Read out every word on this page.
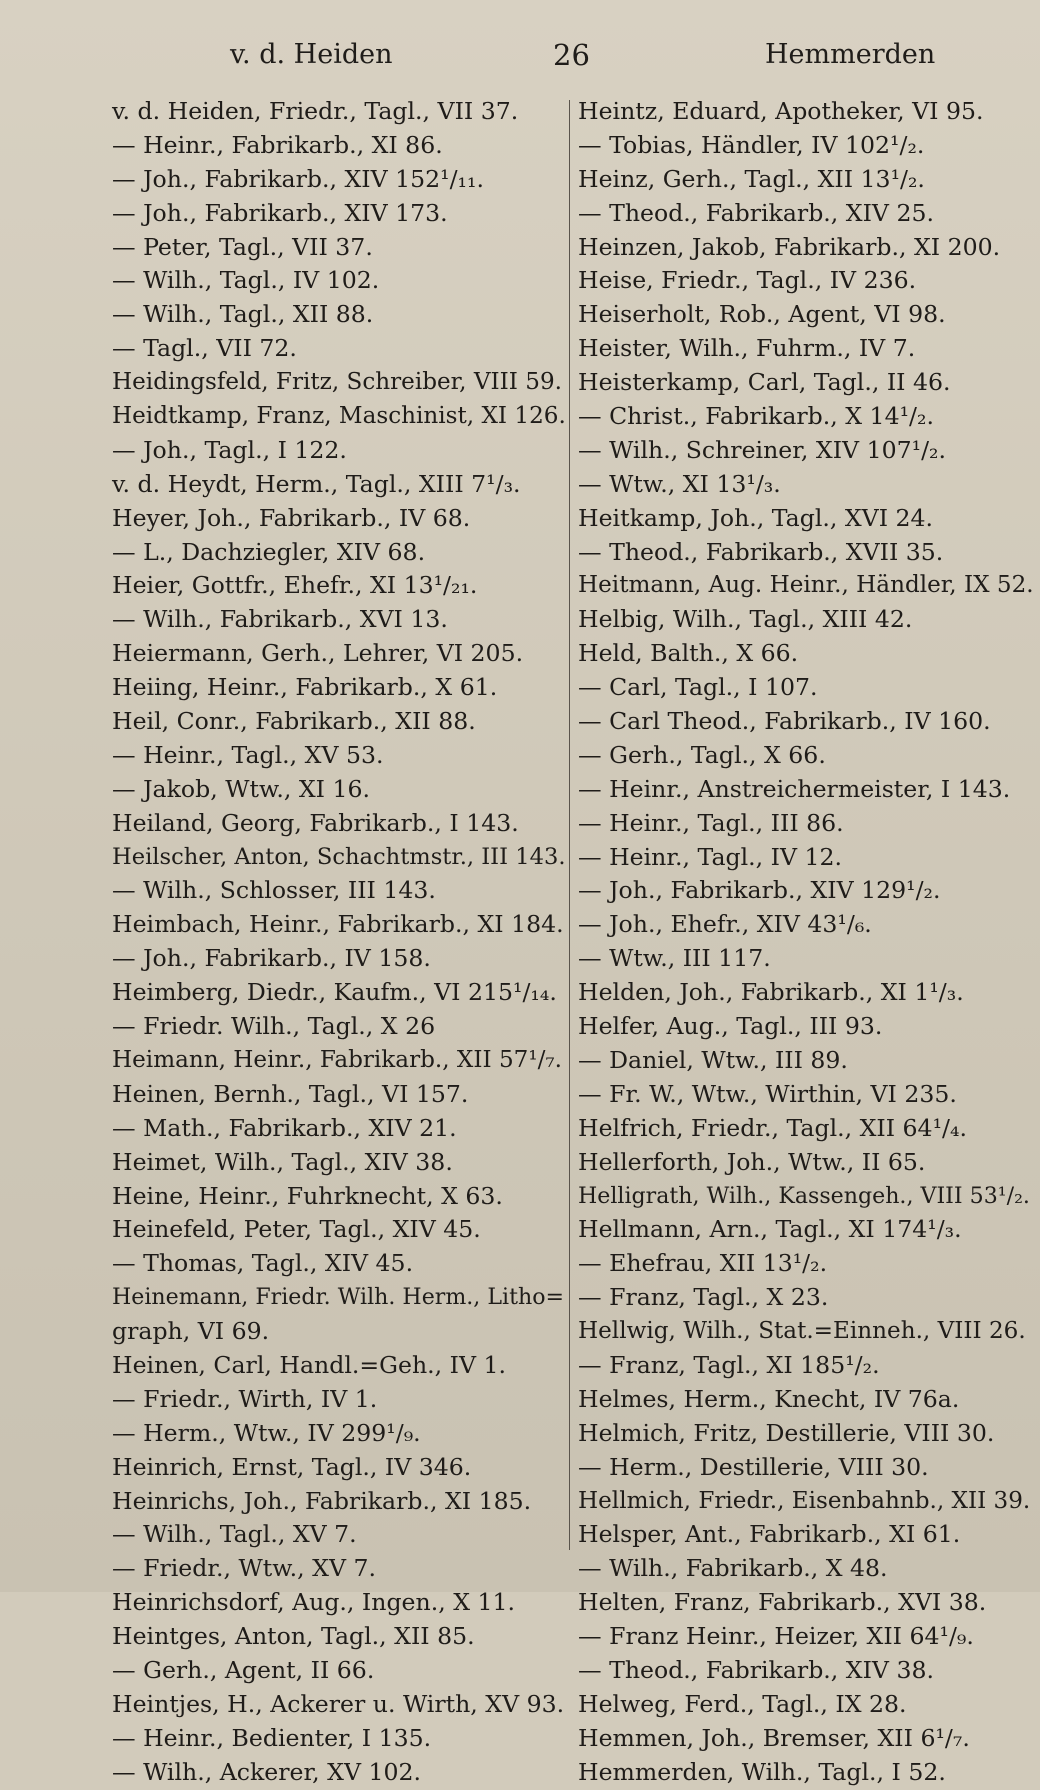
v. d. Heiden	26	Hemmerden
v. d. Heiden, Friedr., Tagl., VII 37.
— Heinr., Fabrikarb., XI 86.
— Joh., Fabrikarb., XIV 152¹/₁₁.
— Joh., Fabrikarb., XIV 173.
— Peter, Tagl., VII 37.
— Wilh., Tagl., IV 102.
— Wilh., Tagl., XII 88.
— Tagl., VII 72.
Heidingsfeld, Fritz, Schreiber, VIII 59.
Heidtkamp, Franz, Maschinist, XI 126.
— Joh., Tagl., I 122.
v. d. Heydt, Herm., Tagl., XIII 7¹/₃.
Heyer, Joh., Fabrikarb., IV 68.
— L., Dachziegler, XIV 68.
Heier, Gottfr., Ehefr., XI 13¹/₂₁.
— Wilh., Fabrikarb., XVI 13.
Heiermann, Gerh., Lehrer, VI 205.
Heiing, Heinr., Fabrikarb., X 61.
Heil, Conr., Fabrikarb., XII 88.
— Heinr., Tagl., XV 53.
— Jakob, Wtw., XI 16.
Heiland, Georg, Fabrikarb., I 143.
Heilscher, Anton, Schachtmstr., III 143.
— Wilh., Schlosser, III 143.
Heimbach, Heinr., Fabrikarb., XI 184.
— Joh., Fabrikarb., IV 158.
Heimberg, Diedr., Kaufm., VI 215¹/₁₄.
— Friedr. Wilh., Tagl., X 26
Heimann, Heinr., Fabrikarb., XII 57¹/₇.
Heinen, Bernh., Tagl., VI 157.
— Math., Fabrikarb., XIV 21.
Heimet, Wilh., Tagl., XIV 38.
Heine, Heinr., Fuhrknecht, X 63.
Heinefeld, Peter, Tagl., XIV 45.
— Thomas, Tagl., XIV 45.
Heinemann, Friedr. Wilh. Herm., Litho=
graph, VI 69.
Heinen, Carl, Handl.=Geh., IV 1.
— Friedr., Wirth, IV 1.
— Herm., Wtw., IV 299¹/₉.
Heinrich, Ernst, Tagl., IV 346.
Heinrichs, Joh., Fabrikarb., XI 185.
— Wilh., Tagl., XV 7.
— Friedr., Wtw., XV 7.
Heinrichsdorf, Aug., Ingen., X 11.
Heintges, Anton, Tagl., XII 85.
— Gerh., Agent, II 66.
Heintjes, H., Ackerer u. Wirth, XV 93.
— Heinr., Bedienter, I 135.
— Wilh., Ackerer, XV 102.
Heintz, Eduard, Apotheker, VI 95.
— Tobias, Händler, IV 102¹/₂.
Heinz, Gerh., Tagl., XII 13¹/₂.
— Theod., Fabrikarb., XIV 25.
Heinzen, Jakob, Fabrikarb., XI 200.
Heise, Friedr., Tagl., IV 236.
Heiserholt, Rob., Agent, VI 98.
Heister, Wilh., Fuhrm., IV 7.
Heisterkamp, Carl, Tagl., II 46.
— Christ., Fabrikarb., X 14¹/₂.
— Wilh., Schreiner, XIV 107¹/₂.
— Wtw., XI 13¹/₃.
Heitkamp, Joh., Tagl., XVI 24.
— Theod., Fabrikarb., XVII 35.
Heitmann, Aug. Heinr., Händler, IX 52.
Helbig, Wilh., Tagl., XIII 42.
Held, Balth., X 66.
— Carl, Tagl., I 107.
— Carl Theod., Fabrikarb., IV 160.
— Gerh., Tagl., X 66.
— Heinr., Anstreichermeister, I 143.
— Heinr., Tagl., III 86.
— Heinr., Tagl., IV 12.
— Joh., Fabrikarb., XIV 129¹/₂.
— Joh., Ehefr., XIV 43¹/₆.
— Wtw., III 117.
Helden, Joh., Fabrikarb., XI 1¹/₃.
Helfer, Aug., Tagl., III 93.
— Daniel, Wtw., III 89.
— Fr. W., Wtw., Wirthin, VI 235.
Helfrich, Friedr., Tagl., XII 64¹/₄.
Hellerforth, Joh., Wtw., II 65.
Helligrath, Wilh., Kassengeh., VIII 53¹/₂.
Hellmann, Arn., Tagl., XI 174¹/₃.
— Ehefrau, XII 13¹/₂.
— Franz, Tagl., X 23.
Hellwig, Wilh., Stat.=Einneh., VIII 26.
— Franz, Tagl., XI 185¹/₂.
Helmes, Herm., Knecht, IV 76a.
Helmich, Fritz, Destillerie, VIII 30.
— Herm., Destillerie, VIII 30.
Hellmich, Friedr., Eisenbahnb., XII 39.
Helsper, Ant., Fabrikarb., XI 61.
— Wilh., Fabrikarb., X 48.
Helten, Franz, Fabrikarb., XVI 38.
— Franz Heinr., Heizer, XII 64¹/₉.
— Theod., Fabrikarb., XIV 38.
Helweg, Ferd., Tagl., IX 28.
Hemmen, Joh., Bremser, XII 6¹/₇.
Hemmerden, Wilh., Tagl., I 52.
